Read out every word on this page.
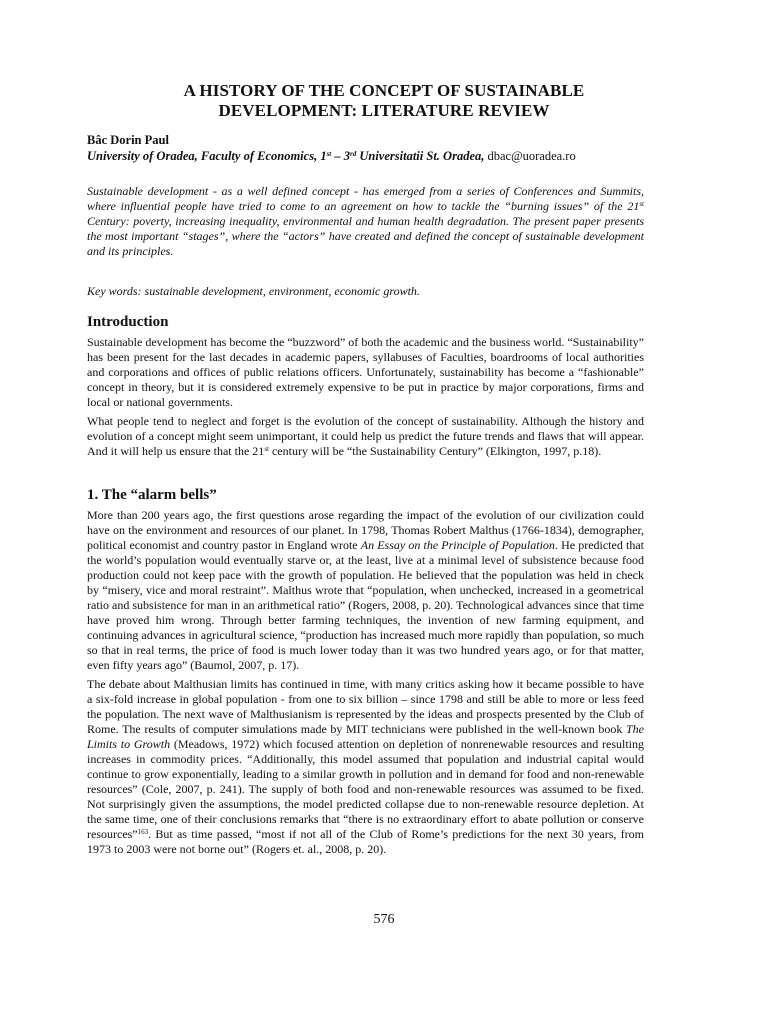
A HISTORY OF THE CONCEPT OF SUSTAINABLE
DEVELOPMENT: LITERATURE REVIEW
Bâc Dorin Paul
University of Oradea, Faculty of Economics, 1st – 3rd Universitatii St. Oradea, dbac@uoradea.ro
Sustainable development - as a well defined concept - has emerged from a series of Conferences and Summits, where influential people have tried to come to an agreement on how to tackle the “burning issues” of the 21st Century: poverty, increasing inequality, environmental and human health degradation. The present paper presents the most important “stages”, where the “actors” have created and defined the concept of sustainable development and its principles.
Key words: sustainable development, environment, economic growth.
Introduction

Sustainable development has become the “buzzword” of both the academic and the business world. “Sustainability” has been present for the last decades in academic papers, syllabuses of Faculties, boardrooms of local authorities and corporations and offices of public relations officers. Unfortunately, sustainability has become a “fashionable” concept in theory, but it is considered extremely expensive to be put in practice by major corporations, firms and local or national governments.

What people tend to neglect and forget is the evolution of the concept of sustainability. Although the history and evolution of a concept might seem unimportant, it could help us predict the future trends and flaws that will appear. And it will help us ensure that the 21st century will be “the Sustainability Century” (Elkington, 1997, p.18).

1. The “alarm bells”

More than 200 years ago, the first questions arose regarding the impact of the evolution of our civilization could have on the environment and resources of our planet. In 1798, Thomas Robert Malthus (1766-1834), demographer, political economist and country pastor in England wrote An Essay on the Principle of Population. He predicted that the world’s population would eventually starve or, at the least, live at a minimal level of subsistence because food production could not keep pace with the growth of population. He believed that the population was held in check by “misery, vice and moral restraint”. Malthus wrote that “population, when unchecked, increased in a geometrical ratio and subsistence for man in an arithmetical ratio” (Rogers, 2008, p. 20). Technological advances since that time have proved him wrong. Through better farming techniques, the invention of new farming equipment, and continuing advances in agricultural science, “production has increased much more rapidly than population, so much so that in real terms, the price of food is much lower today than it was two hundred years ago, or for that matter, even fifty years ago” (Baumol, 2007, p. 17).

The debate about Malthusian limits has continued in time, with many critics asking how it became possible to have a six-fold increase in global population - from one to six billion – since 1798 and still be able to more or less feed the population. The next wave of Malthusianism is represented by the ideas and prospects presented by the Club of Rome. The results of computer simulations made by MIT technicians were published in the well-known book The Limits to Growth (Meadows, 1972) which focused attention on depletion of nonrenewable resources and resulting increases in commodity prices. “Additionally, this model assumed that population and industrial capital would continue to grow exponentially, leading to a similar growth in pollution and in demand for food and non-renewable resources” (Cole, 2007, p. 241). The supply of both food and non-renewable resources was assumed to be fixed. Not surprisingly given the assumptions, the model predicted collapse due to non-renewable resource depletion. At the same time, one of their conclusions remarks that “there is no extraordinary effort to abate pollution or conserve resources”$^{163}$. But as time passed, “most if not all of the Club of Rome’s predictions for the next 30 years, from 1973 to 2003 were not borne out” (Rogers et. al., 2008, p. 20).

576
